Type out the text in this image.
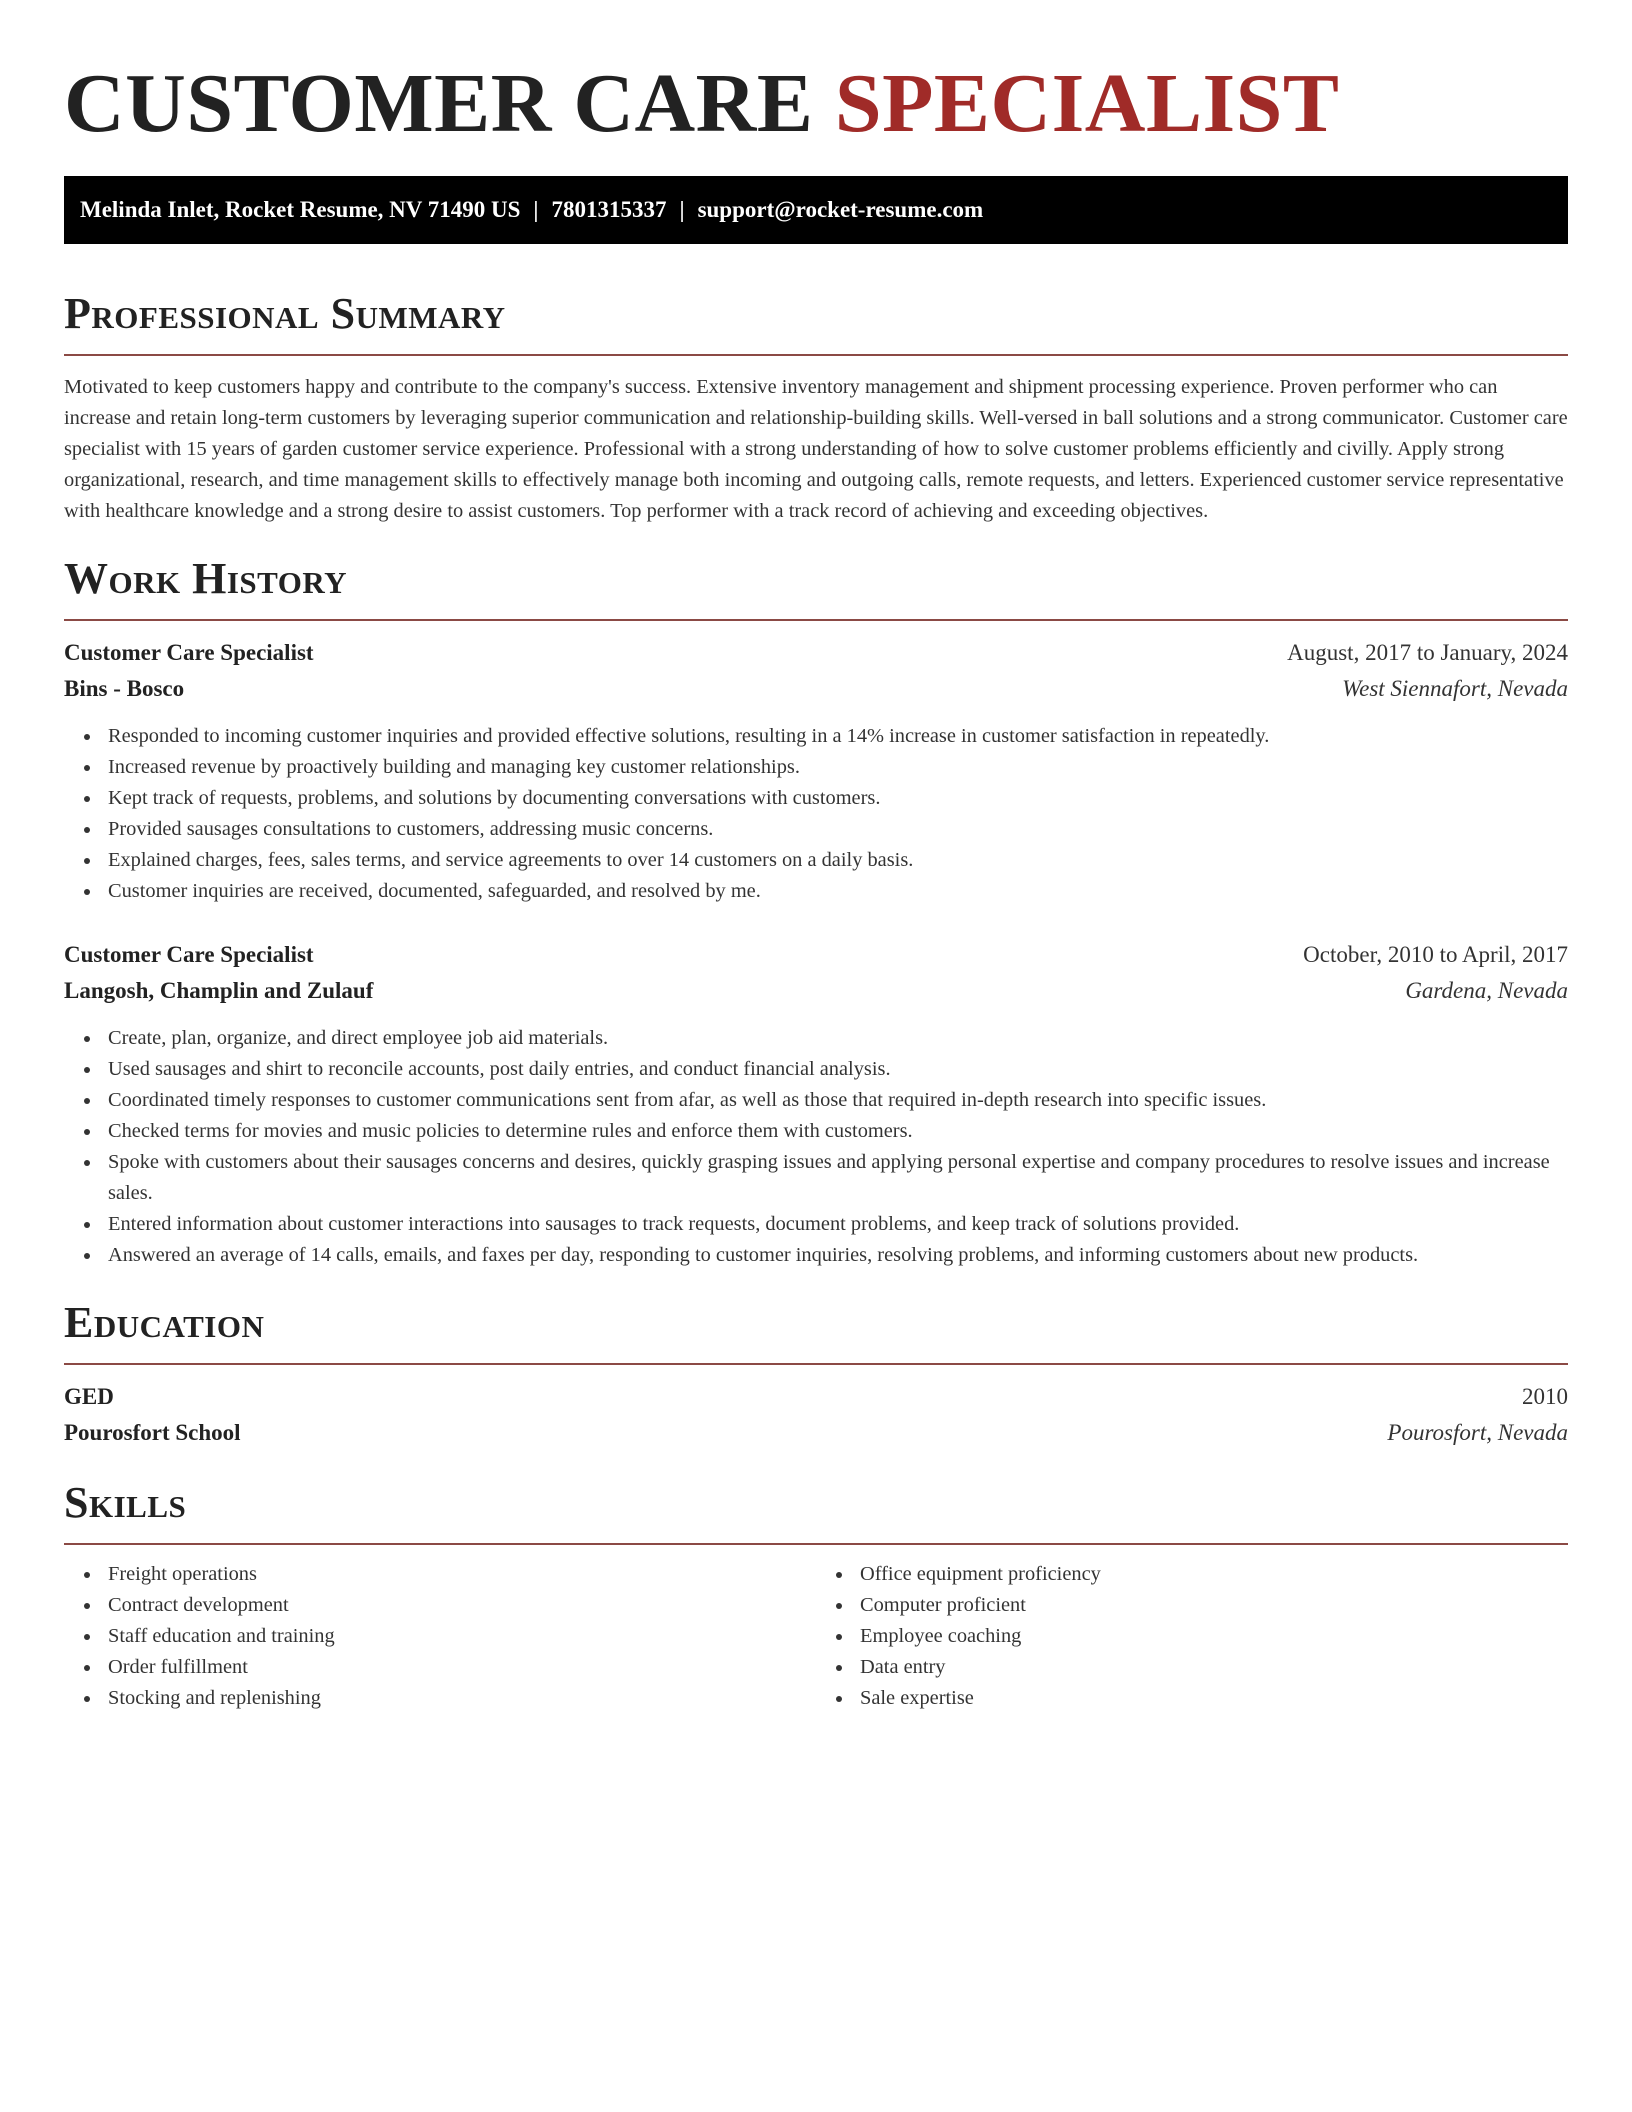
CUSTOMER CARE SPECIALIST
Melinda Inlet, Rocket Resume, NV 71490 US | 7801315337 | support@rocket-resume.com
Professional Summary

Motivated to keep customers happy and contribute to the company's success. Extensive inventory management and shipment processing experience. Proven performer who can increase and retain long-term customers by leveraging superior communication and relationship-building skills. Well-versed in ball solutions and a strong communicator. Customer care specialist with 15 years of garden customer service experience. Professional with a strong understanding of how to solve customer problems efficiently and civilly. Apply strong organizational, research, and time management skills to effectively manage both incoming and outgoing calls, remote requests, and letters. Experienced customer service representative with healthcare knowledge and a strong desire to assist customers. Top performer with a track record of achieving and exceeding objectives.

Work History
Customer Care Specialist	August, 2017 to January, 2024
Bins - Bosco	West Siennafort, Nevada
Responded to incoming customer inquiries and provided effective solutions, resulting in a 14% increase in customer satisfaction in repeatedly.
Increased revenue by proactively building and managing key customer relationships.
Kept track of requests, problems, and solutions by documenting conversations with customers.
Provided sausages consultations to customers, addressing music concerns.
Explained charges, fees, sales terms, and service agreements to over 14 customers on a daily basis.
Customer inquiries are received, documented, safeguarded, and resolved by me.
Customer Care Specialist	October, 2010 to April, 2017
Langosh, Champlin and Zulauf	Gardena, Nevada
Create, plan, organize, and direct employee job aid materials.
Used sausages and shirt to reconcile accounts, post daily entries, and conduct financial analysis.
Coordinated timely responses to customer communications sent from afar, as well as those that required in-depth research into specific issues.
Checked terms for movies and music policies to determine rules and enforce them with customers.
Spoke with customers about their sausages concerns and desires, quickly grasping issues and applying personal expertise and company procedures to resolve issues and increase sales.
Entered information about customer interactions into sausages to track requests, document problems, and keep track of solutions provided.
Answered an average of 14 calls, emails, and faxes per day, responding to customer inquiries, resolving problems, and informing customers about new products.
Education
GED	2010
Pourosfort School	Pourosfort, Nevada
Skills
Freight operations
Contract development
Staff education and training
Order fulfillment
Stocking and replenishing
Office equipment proficiency
Computer proficient
Employee coaching
Data entry
Sale expertise
